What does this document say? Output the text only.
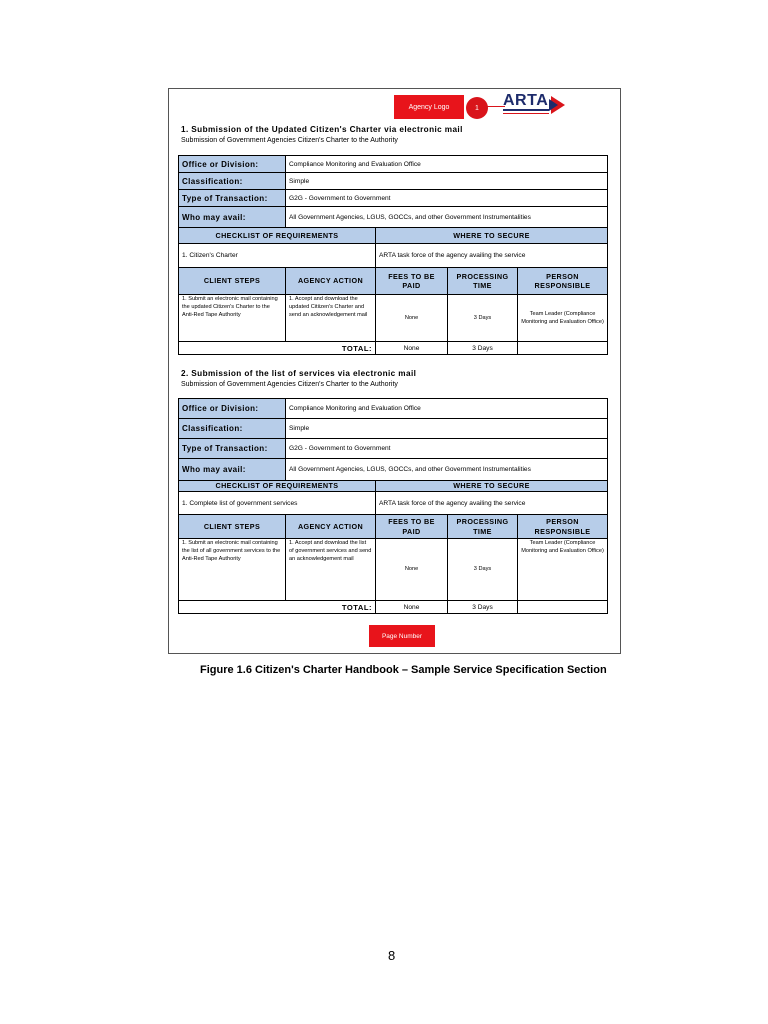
Agency Logo	1	ARTA
1. Submission of the Updated Citizen's Charter via electronic mail
Submission of Government Agencies Citizen's Charter to the Authority
Office or Division:	Compliance Monitoring and Evaluation Office			
Classification:	Simple			
Type of Transaction:	G2G - Government to Government			
Who may avail:	All Government Agencies, LGUS, GOCCs, and other Government Instrumentalities			
CHECKLIST OF REQUIREMENTS		WHERE TO SECURE		
1. Citizen's Charter		ARTA task force of the agency availing the service		
CLIENT STEPS	AGENCY ACTION	FEES TO BE PAID	PROCESSING TIME	PERSON RESPONSIBLE
1. Submit an electronic mail containing the updated Citizen's Charter to the Anti-Red Tape Authority	1. Accept and download the updated Citiizen's Charter and send an acknowledgement mail	None	3 Days	Team Leader (Compliance Monitoring and Evaluation Office)
TOTAL:		None	3 Days	
2. Submission of the list of services via electronic mail
Submission of Government Agencies Citizen's Charter to the Authority
Office or Division:	Compliance Monitoring and Evaluation Office			
Classification:	Simple			
Type of Transaction:	G2G - Government to Government			
Who may avail:	All Government Agencies, LGUS, GOCCs, and other Government Instrumentalities			
CHECKLIST OF REQUIREMENTS		WHERE TO SECURE		
1. Complete list of government services		ARTA task force of the agency availing the service		
CLIENT STEPS	AGENCY ACTION	FEES TO BE PAID	PROCESSING TIME	PERSON RESPONSIBLE
1. Submit an electronic mail containing the list of all government services to the Anti-Red Tape Authority	1. Accept and download the list of government services and send an acknowledgement mail	None	3 Days	Team Leader (Compliance Monitoring and Evaluation Office)
TOTAL:		None	3 Days	
Page Number
Figure 1.6 Citizen's Charter Handbook – Sample Service Specification Section
8
